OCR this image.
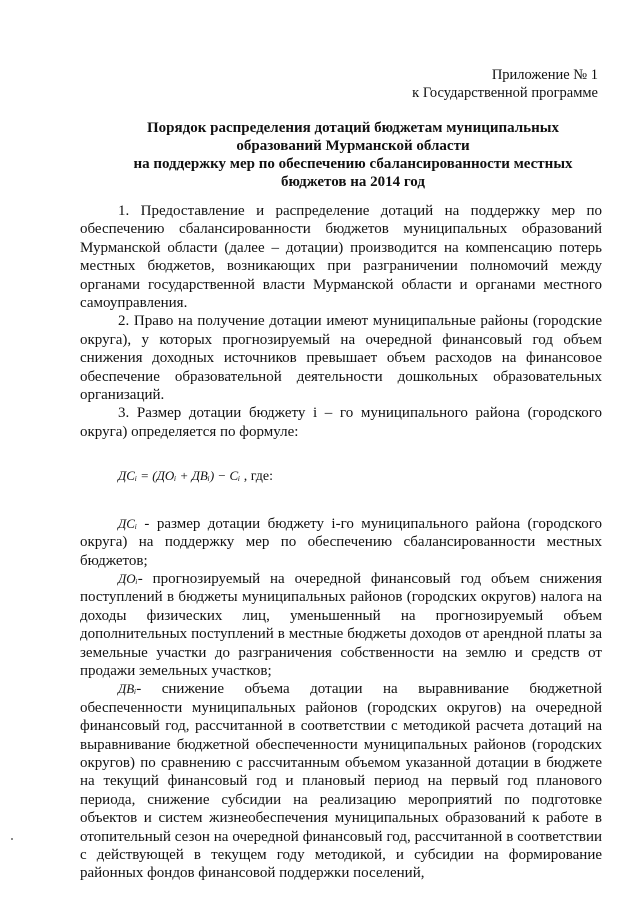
Приложение № 1
к Государственной программе
Порядок распределения дотаций бюджетам муниципальных
образований Мурманской области
на поддержку мер по обеспечению сбалансированности местных
бюджетов на 2014 год

1. Предоставление и распределение дотаций на поддержку мер по обеспечению сбалансированности бюджетов муниципальных образований Мурманской области (далее – дотации) производится на компенсацию потерь местных бюджетов, возникающих при разграничении полномочий между органами государственной власти Мурманской области и органами местного самоуправления.

2. Право на получение дотации имеют муниципальные районы (городские округа), у которых прогнозируемый на очередной финансовый год объем снижения доходных источников превышает объем расходов на финансовое обеспечение образовательной деятельности дошкольных образовательных организаций.

3. Размер дотации бюджету i – го муниципального района (городского округа) определяется по формуле:

ДСᵢ = (ДОᵢ + ДВᵢ) − Сᵢ , где:

ДСᵢ - размер дотации бюджету i-го муниципального района (городского округа) на поддержку мер по обеспечению сбалансированности местных бюджетов;

ДОᵢ- прогнозируемый на очередной финансовый год объем снижения поступлений в бюджеты муниципальных районов (городских округов) налога на доходы физических лиц, уменьшенный на прогнозируемый объем дополнительных поступлений в местные бюджеты доходов от арендной платы за земельные участки до разграничения собственности на землю и средств от продажи земельных участков;

ДВᵢ- снижение объема дотации на выравнивание бюджетной обеспеченности муниципальных районов (городских округов) на очередной финансовый год, рассчитанной в соответствии с методикой расчета дотаций на выравнивание бюджетной обеспеченности муниципальных районов (городских округов) по сравнению с рассчитанным объемом указанной дотации в бюджете на текущий финансовый год и плановый период на первый год планового периода, снижение субсидии на реализацию мероприятий по подготовке объектов и систем жизнеобеспечения муниципальных образований к работе в отопительный сезон на очередной финансовый год, рассчитанной в соответствии с действующей в текущем году методикой, и субсидии на формирование районных фондов финансовой поддержки поселений,
